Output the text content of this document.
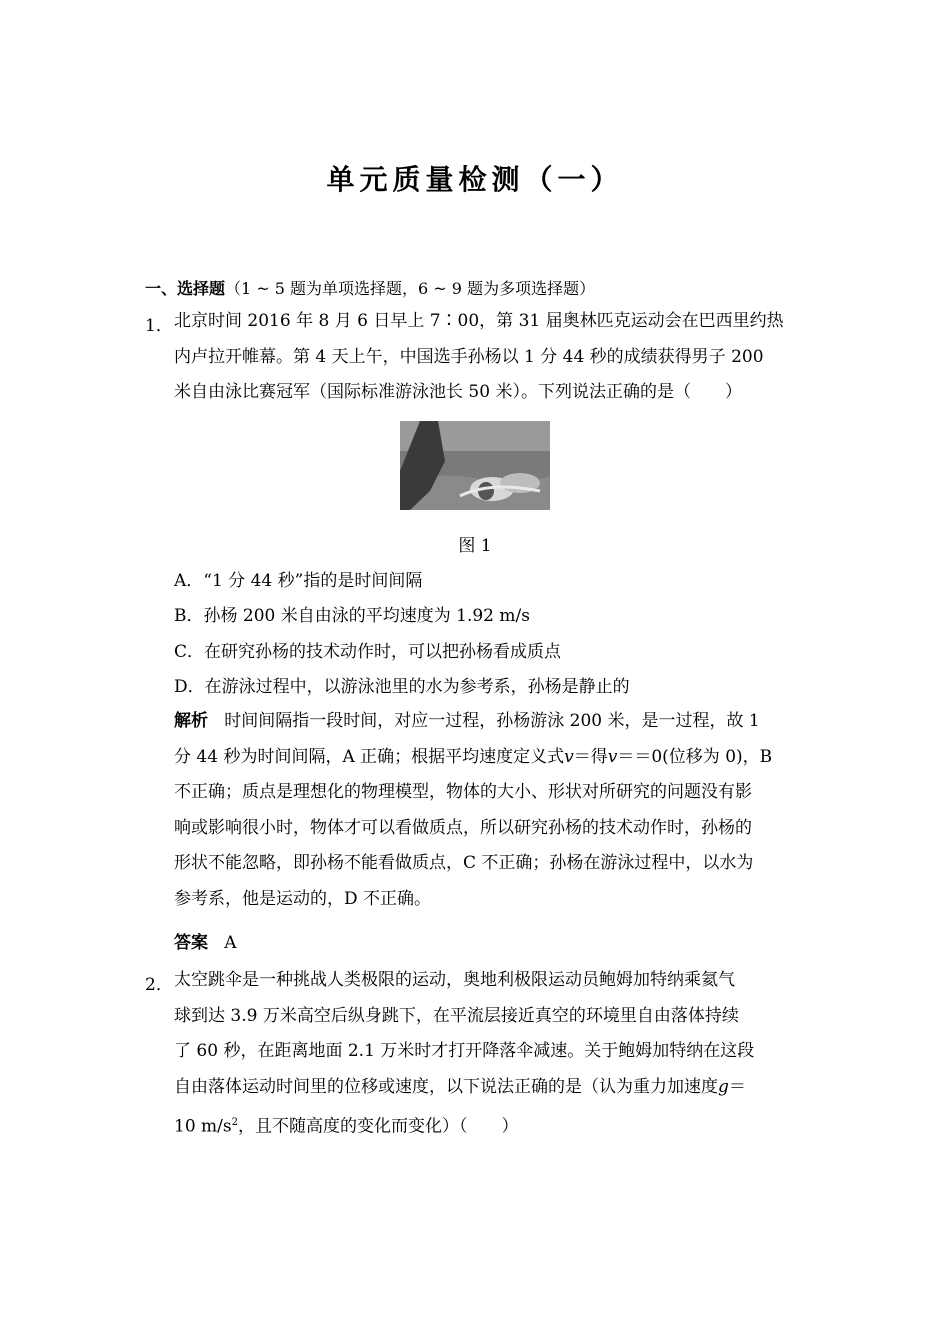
单元质量检测（一）
一、选择题（1 ~ 5 题为单项选择题，6 ~ 9 题为多项选择题）
1． 北京时间 2016 年 8 月 6 日早上 7∶00，第 31 届奥林匹克运动会在巴西里约热
内卢拉开帷幕。第 4 天上午，中国选手孙杨以 1 分 44 秒的成绩获得男子 200
米自由泳比赛冠军（国际标准游泳池长 50 米）。下列说法正确的是（　　）
图 1
A．“1 分 44 秒”指的是时间间隔
B．孙杨 200 米自由泳的平均速度为 1.92 m/s
C．在研究孙杨的技术动作时，可以把孙杨看成质点
D．在游泳过程中，以游泳池里的水为参考系，孙杨是静止的
解析 时间间隔指一段时间，对应一过程，孙杨游泳 200 米，是一过程，故 1
分 44 秒为时间间隔，A 正确；根据平均速度定义式v＝得v＝＝0(位移为 0)，B
不正确；质点是理想化的物理模型，物体的大小、形状对所研究的问题没有影
响或影响很小时，物体才可以看做质点，所以研究孙杨的技术动作时，孙杨的
形状不能忽略，即孙杨不能看做质点，C 不正确；孙杨在游泳过程中，以水为
参考系，他是运动的，D 不正确。
答案 A
2． 太空跳伞是一种挑战人类极限的运动，奥地利极限运动员鲍姆加特纳乘氦气
球到达 3.9 万米高空后纵身跳下，在平流层接近真空的环境里自由落体持续
了 60 秒，在距离地面 2.1 万米时才打开降落伞减速。关于鲍姆加特纳在这段
自由落体运动时间里的位移或速度，以下说法正确的是（认为重力加速度g＝
10 $m/s^2$，且不随高度的变化而变化）（　　）
